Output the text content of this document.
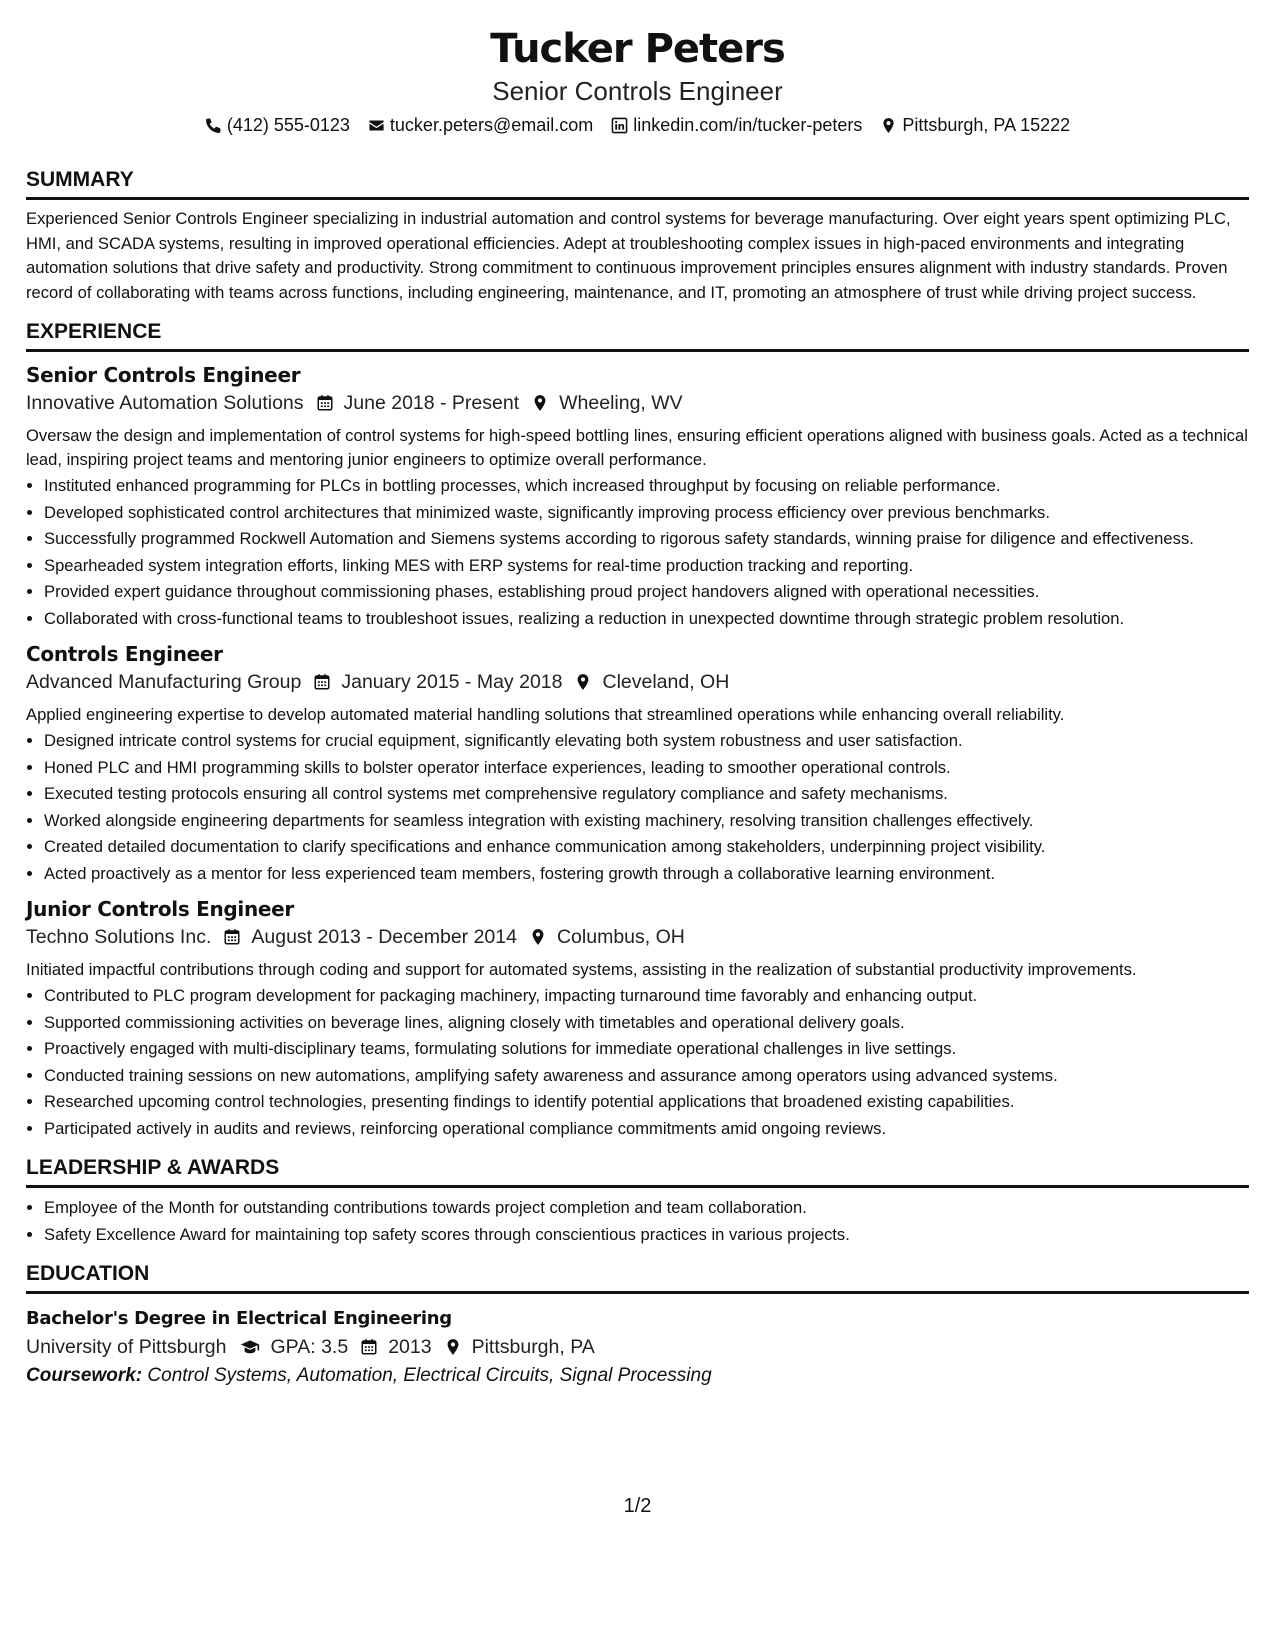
Tucker Peters
Senior Controls Engineer
(412) 555-0123 tucker.peters@email.com linkedin.com/in/tucker-peters Pittsburgh, PA 15222
SUMMARY

Experienced Senior Controls Engineer specializing in industrial automation and control systems for beverage manufacturing. Over eight years spent optimizing PLC, HMI, and SCADA systems, resulting in improved operational efficiencies. Adept at troubleshooting complex issues in high-paced environments and integrating automation solutions that drive safety and productivity. Strong commitment to continuous improvement principles ensures alignment with industry standards. Proven record of collaborating with teams across functions, including engineering, maintenance, and IT, promoting an atmosphere of trust while driving project success.

EXPERIENCE
Senior Controls Engineer
Innovative Automation Solutions June 2018 - Present Wheeling, WV

Oversaw the design and implementation of control systems for high-speed bottling lines, ensuring efficient operations aligned with business goals. Acted as a technical lead, inspiring project teams and mentoring junior engineers to optimize overall performance.

• Instituted enhanced programming for PLCs in bottling processes, which increased throughput by focusing on reliable performance.
• Developed sophisticated control architectures that minimized waste, significantly improving process efficiency over previous benchmarks.
• Successfully programmed Rockwell Automation and Siemens systems according to rigorous safety standards, winning praise for diligence and effectiveness.
• Spearheaded system integration efforts, linking MES with ERP systems for real-time production tracking and reporting.
• Provided expert guidance throughout commissioning phases, establishing proud project handovers aligned with operational necessities.
• Collaborated with cross-functional teams to troubleshoot issues, realizing a reduction in unexpected downtime through strategic problem resolution.
Controls Engineer
Advanced Manufacturing Group January 2015 - May 2018 Cleveland, OH

Applied engineering expertise to develop automated material handling solutions that streamlined operations while enhancing overall reliability.

• Designed intricate control systems for crucial equipment, significantly elevating both system robustness and user satisfaction.
• Honed PLC and HMI programming skills to bolster operator interface experiences, leading to smoother operational controls.
• Executed testing protocols ensuring all control systems met comprehensive regulatory compliance and safety mechanisms.
• Worked alongside engineering departments for seamless integration with existing machinery, resolving transition challenges effectively.
• Created detailed documentation to clarify specifications and enhance communication among stakeholders, underpinning project visibility.
• Acted proactively as a mentor for less experienced team members, fostering growth through a collaborative learning environment.
Junior Controls Engineer
Techno Solutions Inc. August 2013 - December 2014 Columbus, OH

Initiated impactful contributions through coding and support for automated systems, assisting in the realization of substantial productivity improvements.

• Contributed to PLC program development for packaging machinery, impacting turnaround time favorably and enhancing output.
• Supported commissioning activities on beverage lines, aligning closely with timetables and operational delivery goals.
• Proactively engaged with multi-disciplinary teams, formulating solutions for immediate operational challenges in live settings.
• Conducted training sessions on new automations, amplifying safety awareness and assurance among operators using advanced systems.
• Researched upcoming control technologies, presenting findings to identify potential applications that broadened existing capabilities.
• Participated actively in audits and reviews, reinforcing operational compliance commitments amid ongoing reviews.
LEADERSHIP & AWARDS
• Employee of the Month for outstanding contributions towards project completion and team collaboration.
• Safety Excellence Award for maintaining top safety scores through conscientious practices in various projects.
EDUCATION
Bachelor's Degree in Electrical Engineering
University of Pittsburgh GPA: 3.5 2013 Pittsburgh, PA
Coursework: Control Systems, Automation, Electrical Circuits, Signal Processing
1/2
